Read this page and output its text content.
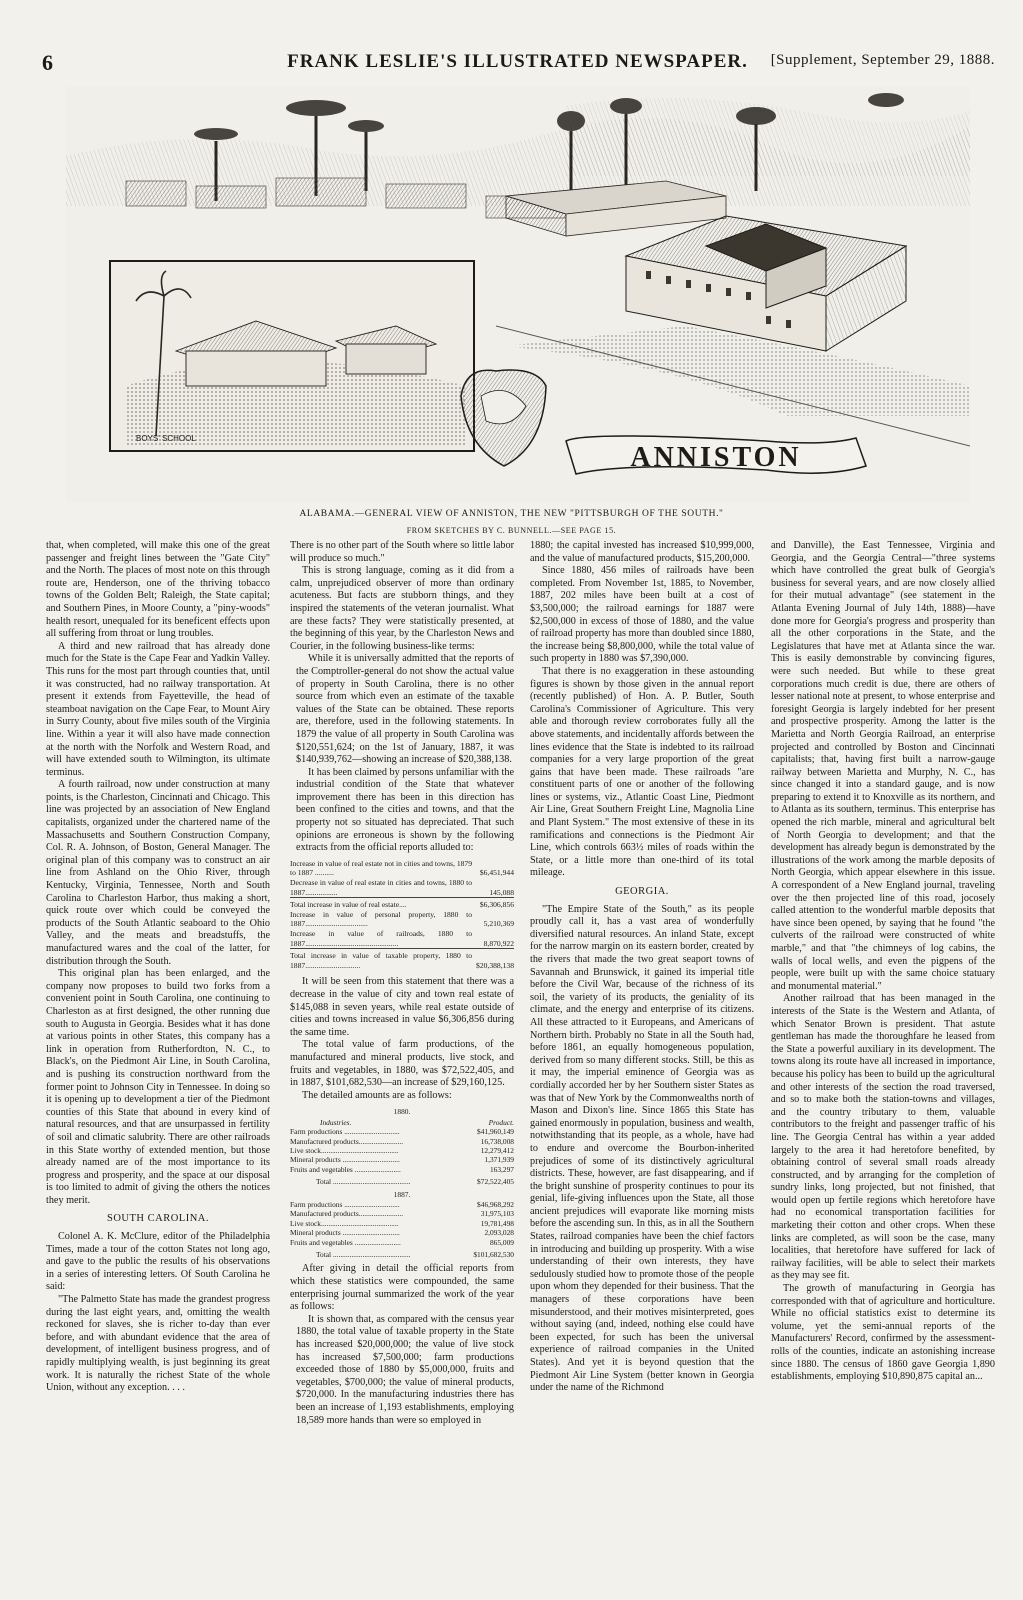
6	FRANK LESLIE'S ILLUSTRATED NEWSPAPER.	[Supplement, September 29, 1888.
BOYS' SCHOOL
ANNISTON
ALABAMA.—GENERAL VIEW OF ANNISTON, THE NEW "PITTSBURGH OF THE SOUTH."
FROM SKETCHES BY C. BUNNELL.—SEE PAGE 15.

that, when completed, will make this one of the great passenger and freight lines between the "Gate City" and the North. The places of most note on this through route are, Henderson, one of the thriving tobacco towns of the Golden Belt; Raleigh, the State capital; and Southern Pines, in Moore County, a "piny-woods" health resort, unequaled for its beneficent effects upon all suffering from throat or lung troubles.

A third and new railroad that has already done much for the State is the Cape Fear and Yadkin Valley. This runs for the most part through counties that, until it was constructed, had no railway transportation. At present it extends from Fayetteville, the head of steamboat navigation on the Cape Fear, to Mount Airy in Surry County, about five miles south of the Virginia line. Within a year it will also have made connection at the north with the Norfolk and Western Road, and will have extended south to Wilmington, its ultimate terminus.

A fourth railroad, now under construction at many points, is the Charleston, Cincinnati and Chicago. This line was projected by an association of New England capitalists, organized under the chartered name of the Massachusetts and Southern Construction Company, Col. R. A. Johnson, of Boston, General Manager. The original plan of this company was to construct an air line from Ashland on the Ohio River, through Kentucky, Virginia, Tennessee, North and South Carolina to Charleston Harbor, thus making a short, quick route over which could be conveyed the products of the South Atlantic seaboard to the Ohio Valley, and the meats and breadstuffs, the manufactured wares and the coal of the latter, for distribution through the South.

This original plan has been enlarged, and the company now proposes to build two forks from a convenient point in South Carolina, one continuing to Charleston as at first designed, the other running due south to Augusta in Georgia. Besides what it has done at various points in other States, this company has a link in operation from Rutherfordton, N. C., to Black's, on the Piedmont Air Line, in South Carolina, and is pushing its construction northward from the former point to Johnson City in Tennessee. In doing so it is opening up to development a tier of the Piedmont counties of this State that abound in every kind of natural resources, and that are unsurpassed in fertility of soil and climatic salubrity. There are other railroads in this State worthy of extended mention, but those already named are of the most importance to its progress and prosperity, and the space at our disposal is too limited to admit of giving the others the notices they merit.

SOUTH CAROLINA.

Colonel A. K. McClure, editor of the Philadelphia Times, made a tour of the cotton States not long ago, and gave to the public the results of his observations in a series of interesting letters. Of South Carolina he said:

"The Palmetto State has made the grandest progress during the last eight years, and, omitting the wealth reckoned for slaves, she is richer to-day than ever before, and with abundant evidence that the area of development, of intelligent business progress, and of rapidly multiplying wealth, is just beginning its great work. It is naturally the richest State of the whole Union, without any exception. . . .

There is no other part of the South where so little labor will produce so much."

This is strong language, coming as it did from a calm, unprejudiced observer of more than ordinary acuteness. But facts are stubborn things, and they inspired the statements of the veteran journalist. What are these facts? They were statistically presented, at the beginning of this year, by the Charleston News and Courier, in the following business-like terms:

While it is universally admitted that the reports of the Comptroller-general do not show the actual value of property in South Carolina, there is no other source from which even an estimate of the taxable values of the State can be obtained. These reports are, therefore, used in the following statements. In 1879 the value of all property in South Carolina was $120,551,624; on the 1st of January, 1887, it was $140,939,762—showing an increase of $20,388,138.

It has been claimed by persons unfamiliar with the industrial condition of the State that whatever improvement there has been in this direction has been confined to the cities and towns, and that the property not so situated has depreciated. That such opinions are erroneous is shown by the following extracts from the official reports alluded to:

Increase in value of real estate not in cities and towns, 1879 to 1887 ..........	$6,451,944
Decrease in value of real estate in cities and towns, 1880 to 1887.................	145,088
Total increase in value of real estate....	$6,306,856
Increase in value of personal property, 1880 to 1887.................................	5,210,369
Increase in value of railroads, 1880 to 1887.................................................	8,870,922
Total increase in value of taxable property, 1880 to 1887.............................	$20,388,138

It will be seen from this statement that there was a decrease in the value of city and town real estate of $145,088 in seven years, while real estate outside of cities and towns increased in value $6,306,856 during the same time.

The total value of farm productions, of the manufactured and mineral products, live stock, and fruits and vegetables, in 1880, was $72,522,405, and in 1887, $101,682,530—an increase of $29,160,125.

The detailed amounts are as follows:

1880.	
Industries.	Product.
Farm productions ..............................	$41,960,149
Manufactured products........................	16,738,008
Live stock..........................................	12,279,412
Mineral products ...............................	1,371,939
Fruits and vegetables .........................	163,297
Total ..........................................	$72,522,405
1887.	
Farm productions ..............................	$46,968,292
Manufactured products........................	31,975,103
Live stock..........................................	19,781,498
Mineral products ...............................	2,093,028
Fruits and vegetables .........................	865,009
Total ..........................................	$101,682,530

After giving in detail the official reports from which these statistics were compounded, the same enterprising journal summarized the work of the year as follows:

It is shown that, as compared with the census year 1880, the total value of taxable property in the State has increased $20,000,000; the value of live stock has increased $7,500,000; farm productions exceeded those of 1880 by $5,000,000, fruits and vegetables, $700,000; the value of mineral products, $720,000. In the manufacturing industries there has been an increase of 1,193 establishments, employing 18,589 more hands than were so employed in

1880; the capital invested has increased $10,999,000, and the value of manufactured products, $15,200,000.

Since 1880, 456 miles of railroads have been completed. From November 1st, 1885, to November, 1887, 202 miles have been built at a cost of $3,500,000; the railroad earnings for 1887 were $2,500,000 in excess of those of 1880, and the value of railroad property has more than doubled since 1880, the increase being $8,800,000, while the total value of such property in 1880 was $7,390,000.

That there is no exaggeration in these astounding figures is shown by those given in the annual report (recently published) of Hon. A. P. Butler, South Carolina's Commissioner of Agriculture. This very able and thorough review corroborates fully all the above statements, and incidentally affords between the lines evidence that the State is indebted to its railroad companies for a very large proportion of the great gains that have been made. These railroads "are constituent parts of one or another of the following lines or systems, viz., Atlantic Coast Line, Piedmont Air Line, Great Southern Freight Line, Magnolia Line and Plant System." The most extensive of these in its ramifications and connections is the Piedmont Air Line, which controls 663½ miles of roads within the State, or a little more than one-third of its total mileage.

GEORGIA.

"The Empire State of the South," as its people proudly call it, has a vast area of wonderfully diversified natural resources. An inland State, except for the narrow margin on its eastern border, created by the rivers that made the two great seaport towns of Savannah and Brunswick, it gained its imperial title before the Civil War, because of the richness of its soil, the variety of its products, the geniality of its climate, and the energy and enterprise of its citizens. All these attracted to it Europeans, and Americans of Northern birth. Probably no State in all the South had, before 1861, an equally homogeneous population, derived from so many different stocks. Still, be this as it may, the imperial eminence of Georgia was as cordially accorded her by her Southern sister States as was that of New York by the Commonwealths north of Mason and Dixon's line. Since 1865 this State has gained enormously in population, business and wealth, notwithstanding that its people, as a whole, have had to endure and overcome the Bourbon-inherited prejudices of some of its distinctively agricultural districts. These, however, are fast disappearing, and if the bright sunshine of prosperity continues to pour its genial, life-giving influences upon the State, all those ancient prejudices will evaporate like morning mists before the ascending sun. In this, as in all the Southern States, railroad companies have been the chief factors in introducing and building up prosperity. With a wise understanding of their own interests, they have sedulously studied how to promote those of the people upon whom they depended for their business. That the managers of these corporations have been misunderstood, and their motives misinterpreted, goes without saying (and, indeed, nothing else could have been expected, for such has been the universal experience of railroad companies in the United States). And yet it is beyond question that the Piedmont Air Line System (better known in Georgia under the name of the Richmond

and Danville), the East Tennessee, Virginia and Georgia, and the Georgia Central—"three systems which have controlled the great bulk of Georgia's business for several years, and are now closely allied for their mutual advantage" (see statement in the Atlanta Evening Journal of July 14th, 1888)—have done more for Georgia's progress and prosperity than all the other corporations in the State, and the Legislatures that have met at Atlanta since the war. This is easily demonstrable by convincing figures, were such needed. But while to these great corporations much credit is due, there are others of lesser national note at present, to whose enterprise and foresight Georgia is largely indebted for her present and prospective prosperity. Among the latter is the Marietta and North Georgia Railroad, an enterprise projected and controlled by Boston and Cincinnati capitalists; that, having first built a narrow-gauge railway between Marietta and Murphy, N. C., has since changed it into a standard gauge, and is now preparing to extend it to Knoxville as its northern, and to Atlanta as its southern, terminus. This enterprise has opened the rich marble, mineral and agricultural belt of North Georgia to development; and that the development has already begun is demonstrated by the illustrations of the work among the marble deposits of North Georgia, which appear elsewhere in this issue. A correspondent of a New England journal, traveling over the then projected line of this road, jocosely called attention to the wonderful marble deposits that have since been opened, by saying that he found "the culverts of the railroad were constructed of white marble," and that "the chimneys of log cabins, the walls of local wells, and even the pigpens of the people, were built up with the same choice statuary and monumental material."

Another railroad that has been managed in the interests of the State is the Western and Atlanta, of which Senator Brown is president. That astute gentleman has made the thoroughfare he leased from the State a powerful auxiliary in its development. The towns along its route have all increased in importance, because his policy has been to build up the agricultural and other interests of the section the road traversed, and so to make both the station-towns and villages, and the country tributary to them, valuable contributors to the freight and passenger traffic of his line. The Georgia Central has within a year added largely to the area it had heretofore benefited, by obtaining control of several small roads already constructed, and by arranging for the completion of sundry links, long projected, but not finished, that would open up fertile regions which heretofore have had no economical transportation facilities for marketing their cotton and other crops. When these links are completed, as will soon be the case, many localities, that heretofore have suffered for lack of railway facilities, will be able to select their markets as they may see fit.

The growth of manufacturing in Georgia has corresponded with that of agriculture and horticulture. While no official statistics exist to determine its volume, yet the semi-annual reports of the Manufacturers' Record, confirmed by the assessment-rolls of the counties, indicate an astonishing increase since 1880. The census of 1860 gave Georgia 1,890 establishments, employing $10,890,875 capital an...
